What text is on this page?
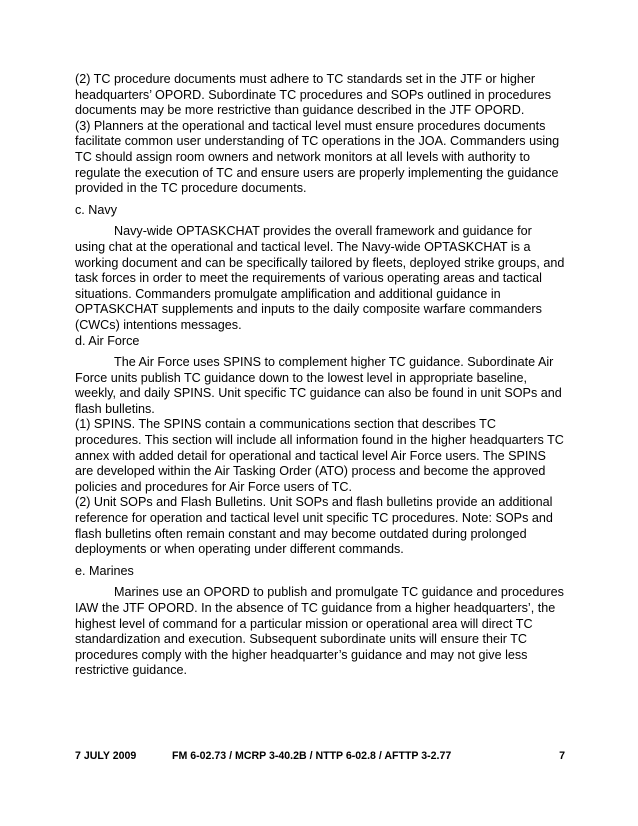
(2) TC procedure documents must adhere to TC standards set in the JTF or higher headquarters’ OPORD. Subordinate TC procedures and SOPs outlined in procedures documents may be more restrictive than guidance described in the JTF OPORD.

(3) Planners at the operational and tactical level must ensure procedures documents facilitate common user understanding of TC operations in the JOA. Commanders using TC should assign room owners and network monitors at all levels with authority to regulate the execution of TC and ensure users are properly implementing the guidance provided in the TC procedure documents.

c. Navy

Navy-wide OPTASKCHAT provides the overall framework and guidance for using chat at the operational and tactical level. The Navy-wide OPTASKCHAT is a working document and can be specifically tailored by fleets, deployed strike groups, and task forces in order to meet the requirements of various operating areas and tactical situations. Commanders promulgate amplification and additional guidance in OPTASKCHAT supplements and inputs to the daily composite warfare commanders (CWCs) intentions messages.

d. Air Force

The Air Force uses SPINS to complement higher TC guidance. Subordinate Air Force units publish TC guidance down to the lowest level in appropriate baseline, weekly, and daily SPINS. Unit specific TC guidance can also be found in unit SOPs and flash bulletins.

(1) SPINS. The SPINS contain a communications section that describes TC procedures. This section will include all information found in the higher headquarters TC annex with added detail for operational and tactical level Air Force users. The SPINS are developed within the Air Tasking Order (ATO) process and become the approved policies and procedures for Air Force users of TC.

(2) Unit SOPs and Flash Bulletins. Unit SOPs and flash bulletins provide an additional reference for operation and tactical level unit specific TC procedures. Note: SOPs and flash bulletins often remain constant and may become outdated during prolonged deployments or when operating under different commands.

e. Marines

Marines use an OPORD to publish and promulgate TC guidance and procedures IAW the JTF OPORD. In the absence of TC guidance from a higher headquarters’, the highest level of command for a particular mission or operational area will direct TC standardization and execution. Subsequent subordinate units will ensure their TC procedures comply with the higher headquarter’s guidance and may not give less restrictive guidance.

7 JULY 2009	FM 6-02.73 / MCRP 3-40.2B / NTTP 6-02.8 / AFTTP 3-2.77	7
